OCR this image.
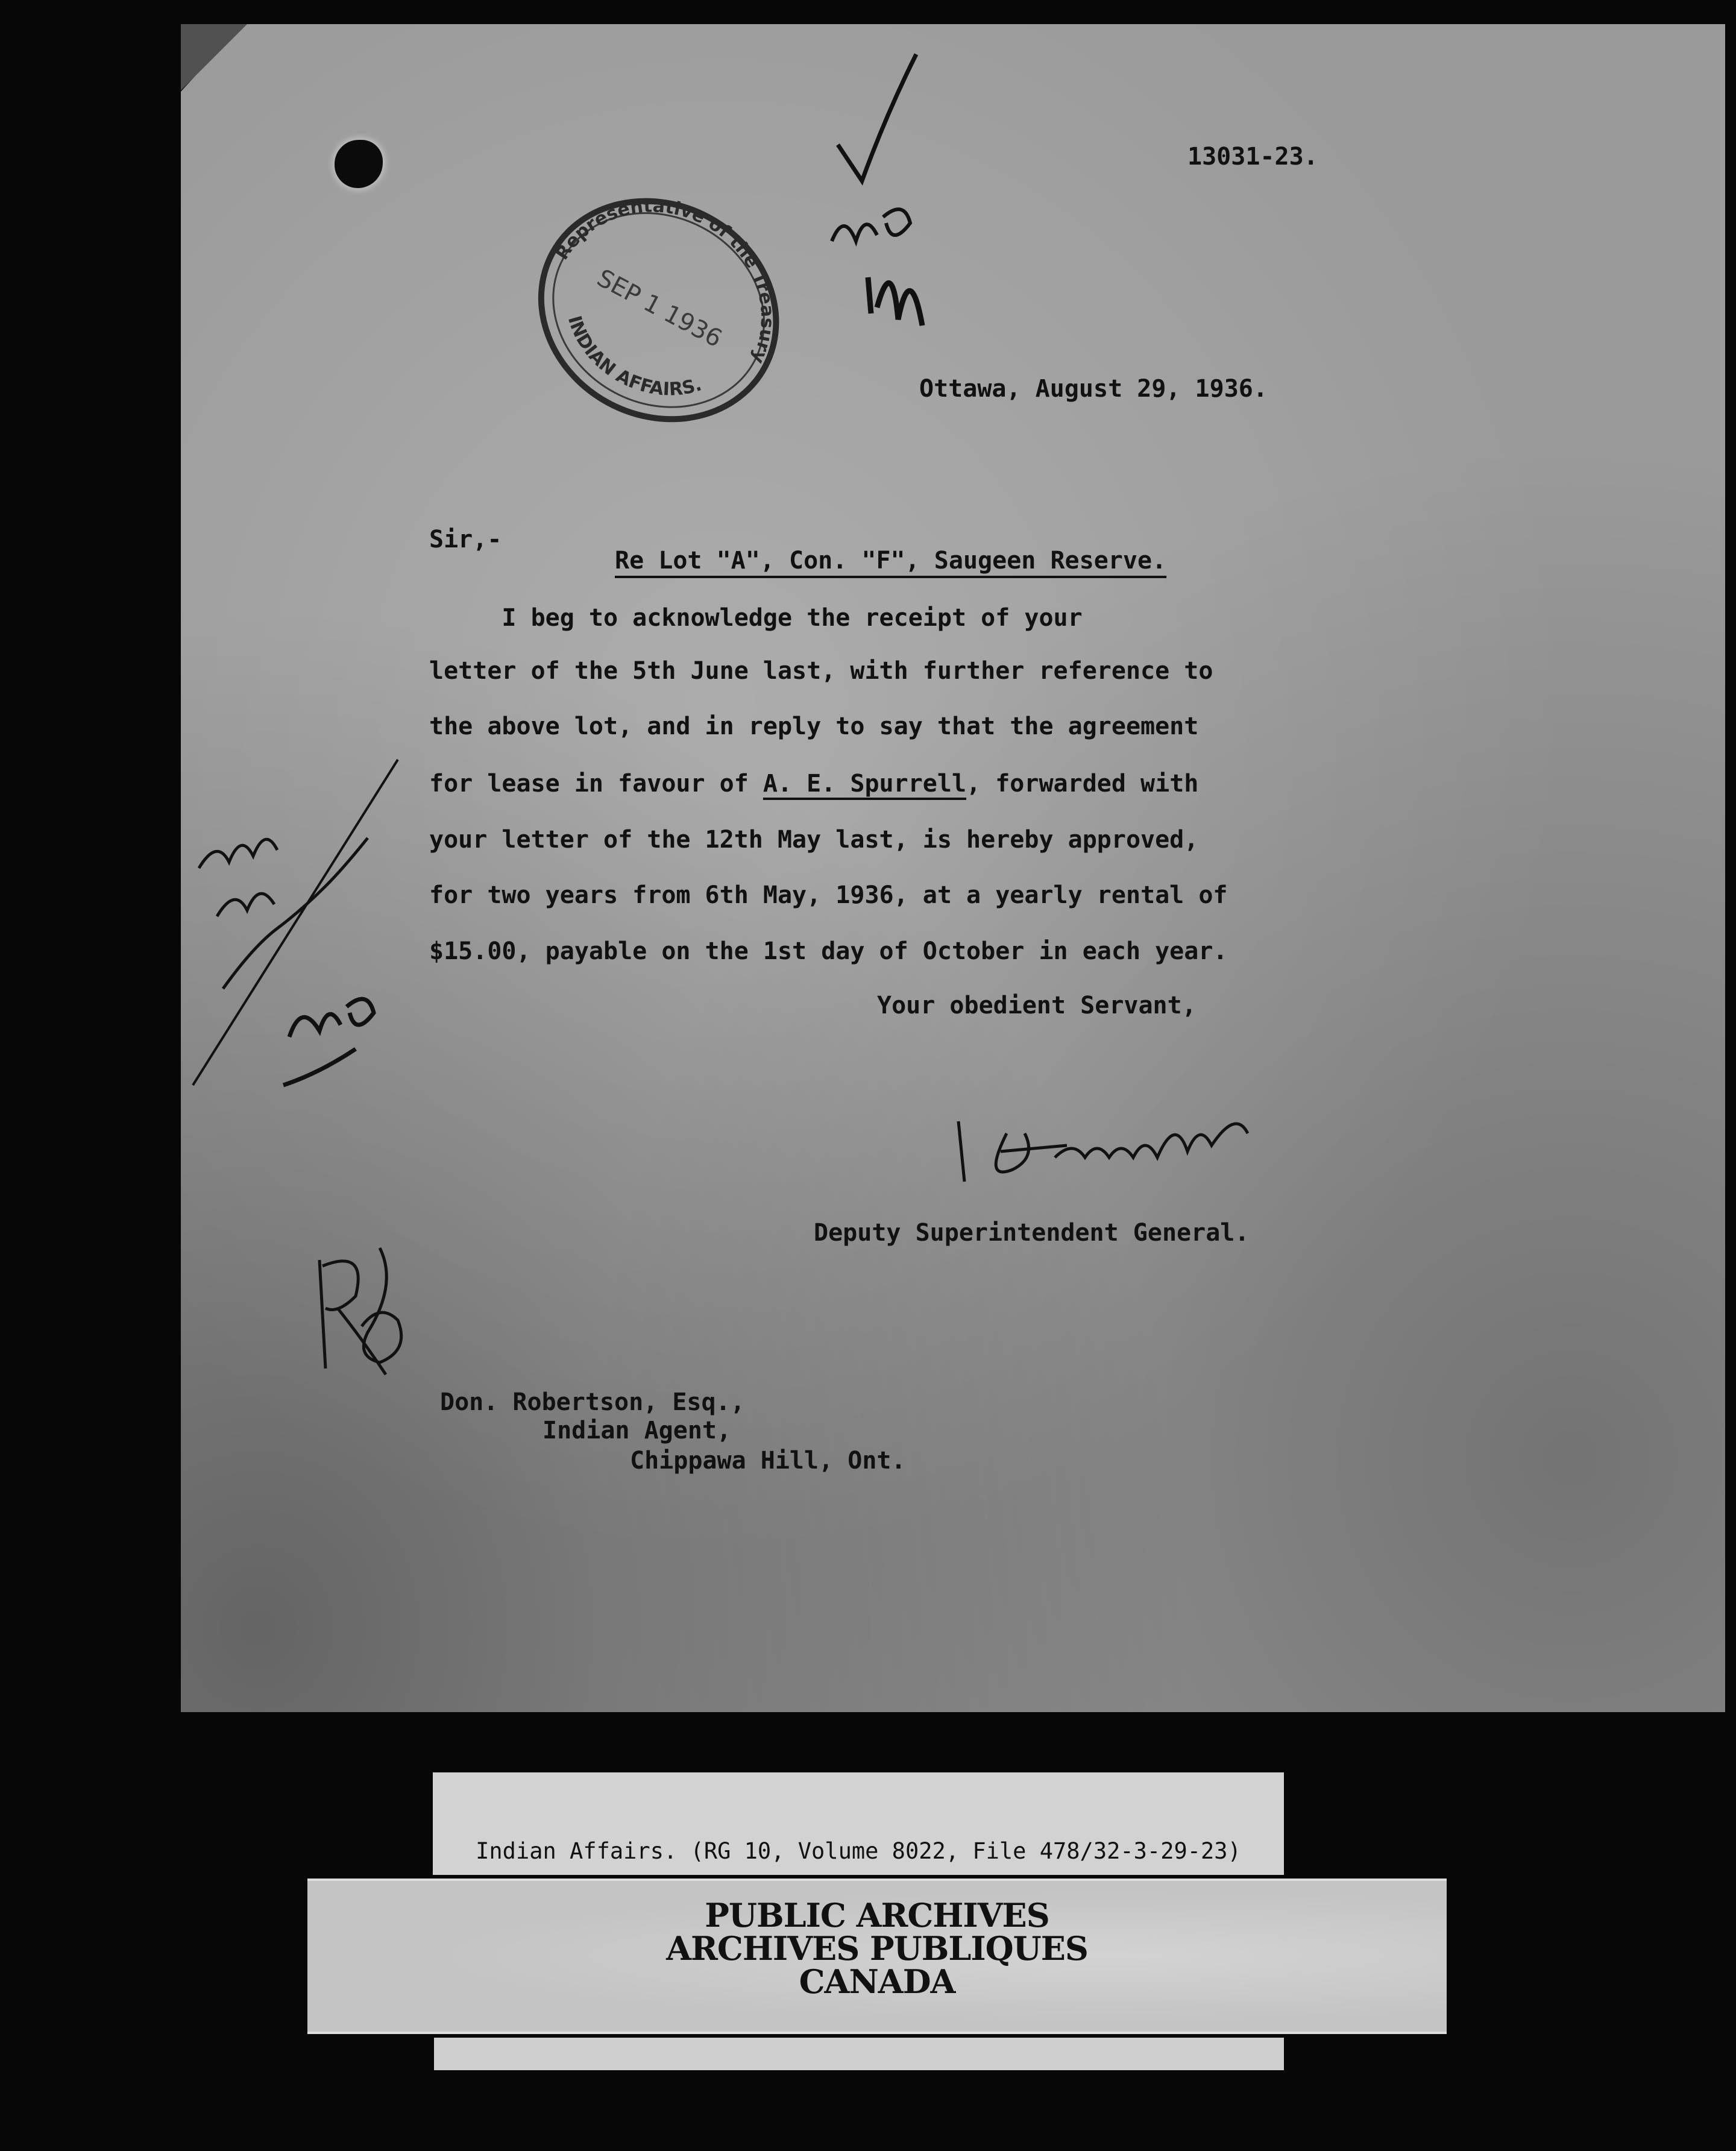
13031-23.
Representative of the Treasury
SEP 1 1936
INDIAN AFFAIRS.	Ottawa, August 29, 1936.
Sir,-
Re Lot "A", Con. "F", Saugeen Reserve.
I beg to acknowledge the receipt of your
letter of the 5th June last, with further reference to
the above lot, and in reply to say that the agreement
for lease in favour of A. E. Spurrell, forwarded with
your letter of the 12th May last, is hereby approved,
for two years from 6th May, 1936, at a yearly rental of
$15.00, payable on the 1st day of October in each year.
Your obedient Servant,
Deputy Superintendent General.
Don. Robertson, Esq.,
Indian Agent,
Chippawa Hill, Ont.
Indian Affairs. (RG 10, Volume 8022, File 478/32-3-29-23)
PUBLIC ARCHIVES
ARCHIVES PUBLIQUES
CANADA
